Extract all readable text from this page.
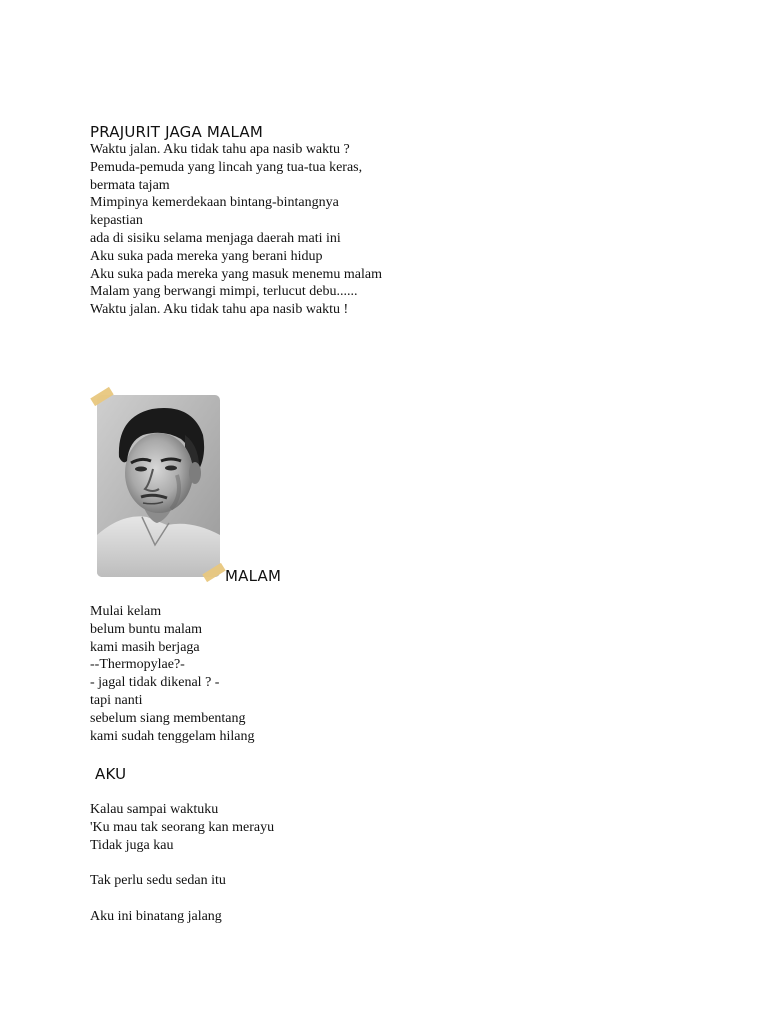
PRAJURIT JAGA MALAM
Waktu jalan. Aku tidak tahu apa nasib waktu ?
Pemuda-pemuda yang lincah yang tua-tua keras,
bermata tajam
Mimpinya kemerdekaan bintang-bintangnya
kepastian
ada di sisiku selama menjaga daerah mati ini
Aku suka pada mereka yang berani hidup
Aku suka pada mereka yang masuk menemu malam
Malam yang berwangi mimpi, terlucut debu......
Waktu jalan. Aku tidak tahu apa nasib waktu !
MALAM
Mulai kelam
belum buntu malam
kami masih berjaga
--Thermopylae?-
- jagal tidak dikenal ? -
tapi nanti
sebelum siang membentang
kami sudah tenggelam hilang
AKU
Kalau sampai waktuku
'Ku mau tak seorang kan merayu
Tidak juga kau
Tak perlu sedu sedan itu
Aku ini binatang jalang
